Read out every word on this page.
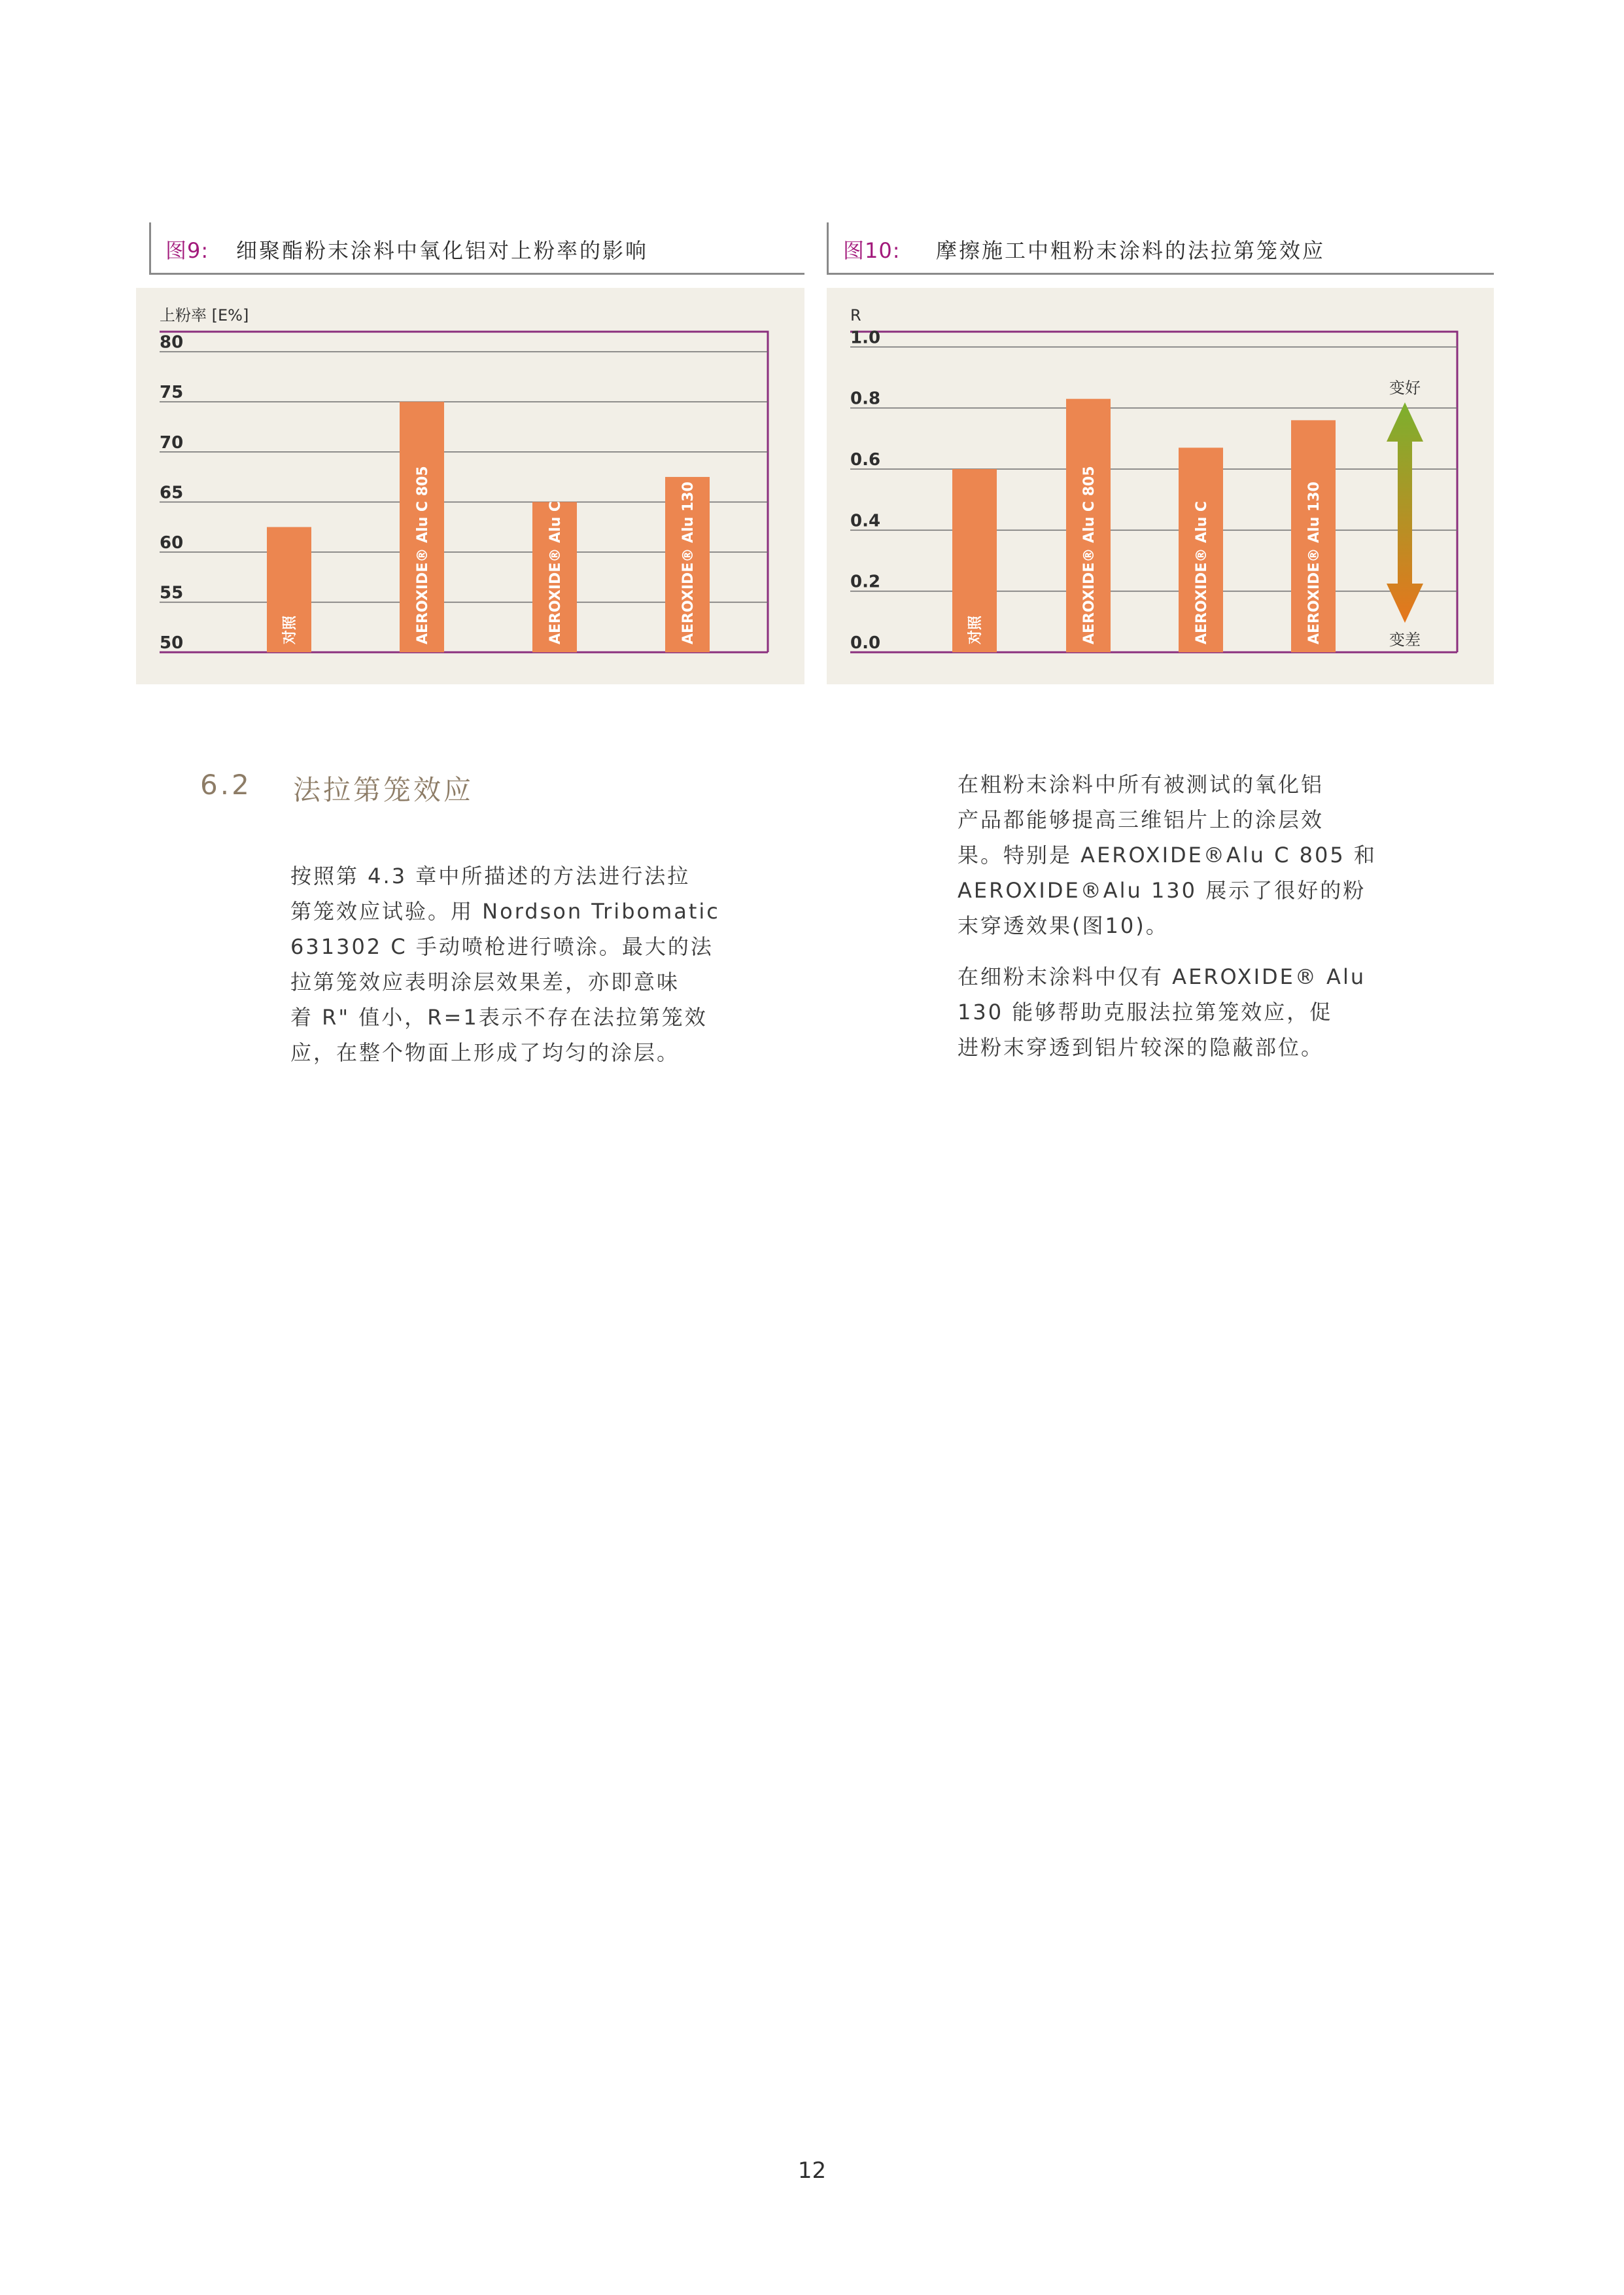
图9: 细聚酯粉末涂料中氧化铝对上粉率的影响	图10: 摩擦施工中粗粉末涂料的法拉第笼效应
上粉率 [E%]
50
55
60
65
70
75
80
对照	AEROXIDE® Alu C 805	AEROXIDE® Alu C	AEROXIDE® Alu 130
R
0.0
0.2
0.4
0.6
0.8
1.0
对照	AEROXIDE® Alu C 805	AEROXIDE® Alu C	AEROXIDE® Alu 130
变好
变差
6.2 法拉第笼效应

按照第 4.3 章中所描述的方法进行法拉
第笼效应试验。用 Nordson Tribomatic
631302 C 手动喷枪进行喷涂。最大的法
拉第笼效应表明涂层效果差，亦即意味
着 R" 值小，R=1表示不存在法拉第笼效
应，在整个物面上形成了均匀的涂层。

在粗粉末涂料中所有被测试的氧化铝
产品都能够提高三维铝片上的涂层效
果。特别是 AEROXIDE®Alu C 805 和
AEROXIDE®Alu 130 展示了很好的粉
末穿透效果(图10)。

在细粉末涂料中仅有 AEROXIDE® Alu
130 能够帮助克服法拉第笼效应，促
进粉末穿透到铝片较深的隐蔽部位。

12
